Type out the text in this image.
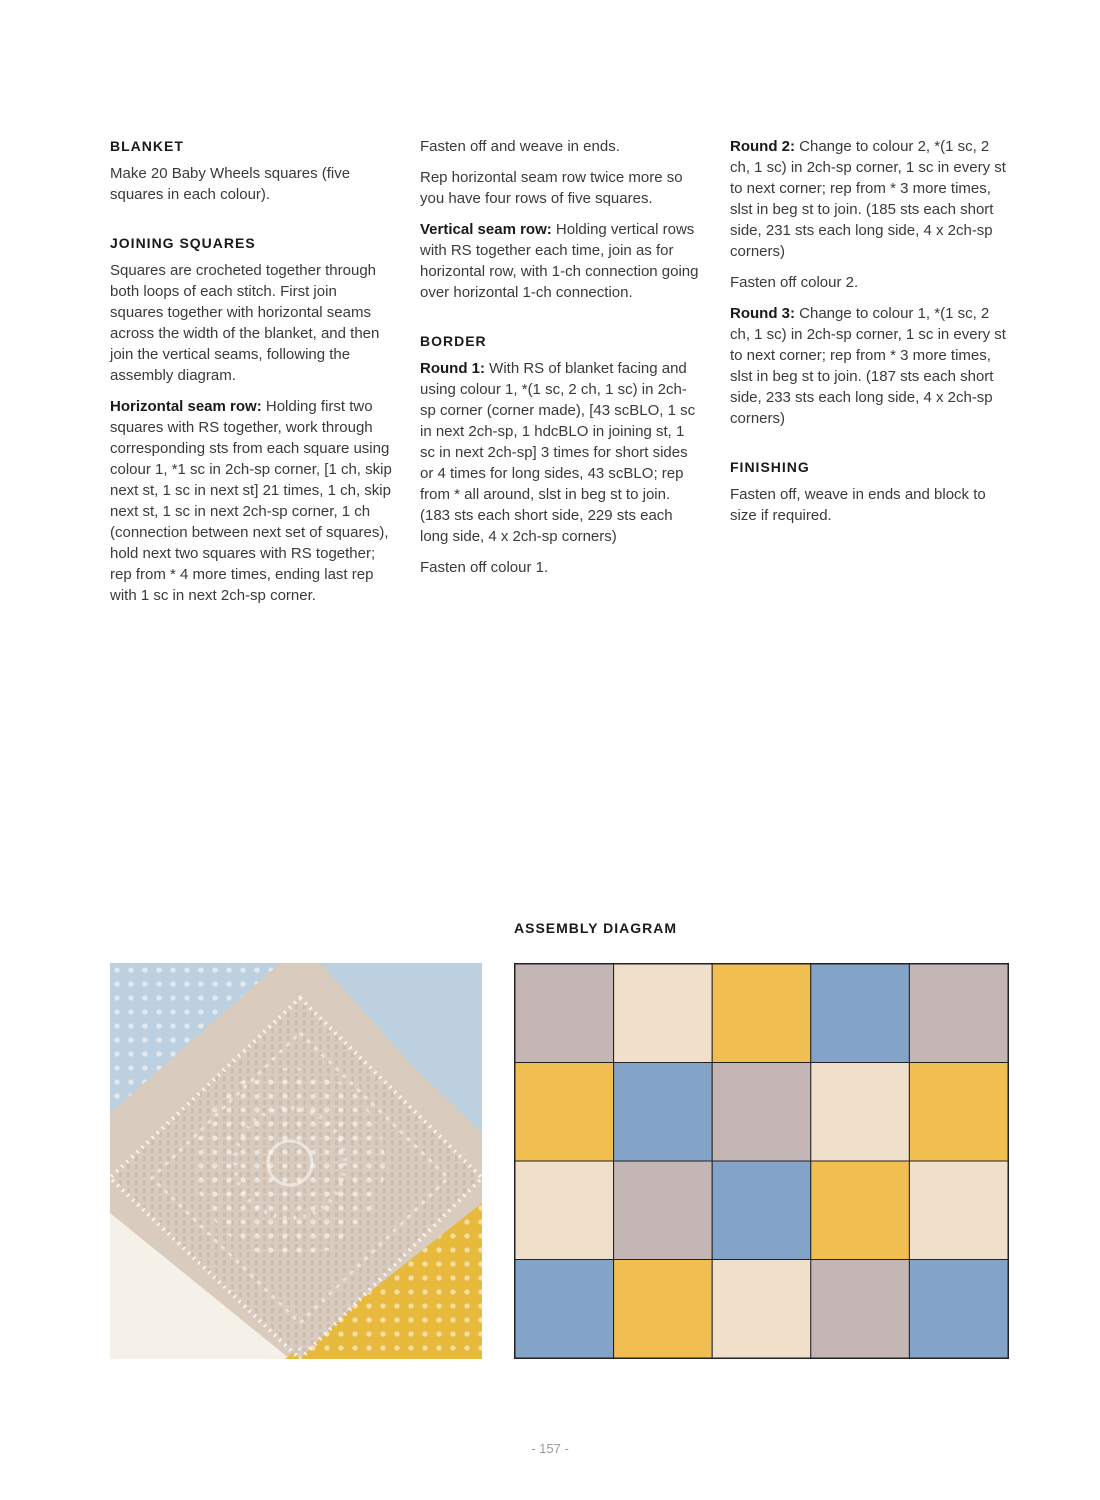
BLANKET
Make 20 Baby Wheels squares (five squares in each colour).
JOINING SQUARES
Squares are crocheted together through both loops of each stitch. First join squares together with horizontal seams across the width of the blanket, and then join the vertical seams, following the assembly diagram.
Horizontal seam row: Holding first two squares with RS together, work through corresponding sts from each square using colour 1, *1 sc in 2ch-sp corner, [1 ch, skip next st, 1 sc in next st] 21 times, 1 ch, skip next st, 1 sc in next 2ch-sp corner, 1 ch (connection between next set of squares), hold next two squares with RS together; rep from * 4 more times, ending last rep with 1 sc in next 2ch-sp corner.
Fasten off and weave in ends.
Rep horizontal seam row twice more so you have four rows of five squares.
Vertical seam row: Holding vertical rows with RS together each time, join as for horizontal row, with 1-ch connection going over horizontal 1-ch connection.
BORDER
Round 1: With RS of blanket facing and using colour 1, *(1 sc, 2 ch, 1 sc) in 2ch-sp corner (corner made), [43 scBLO, 1 sc in next 2ch-sp, 1 hdcBLO in joining st, 1 sc in next 2ch-sp] 3 times for short sides or 4 times for long sides, 43 scBLO; rep from * all around, slst in beg st to join. (183 sts each short side, 229 sts each long side, 4 x 2ch-sp corners)
Fasten off colour 1.
Round 2: Change to colour 2, *(1 sc, 2 ch, 1 sc) in 2ch-sp corner, 1 sc in every st to next corner; rep from * 3 more times, slst in beg st to join. (185 sts each short side, 231 sts each long side, 4 x 2ch-sp corners)
Fasten off colour 2.
Round 3: Change to colour 1, *(1 sc, 2 ch, 1 sc) in 2ch-sp corner, 1 sc in every st to next corner; rep from * 3 more times, slst in beg st to join. (187 sts each short side, 233 sts each long side, 4 x 2ch-sp corners)
FINISHING
Fasten off, weave in ends and block to size if required.
ASSEMBLY DIAGRAM
- 157 -
